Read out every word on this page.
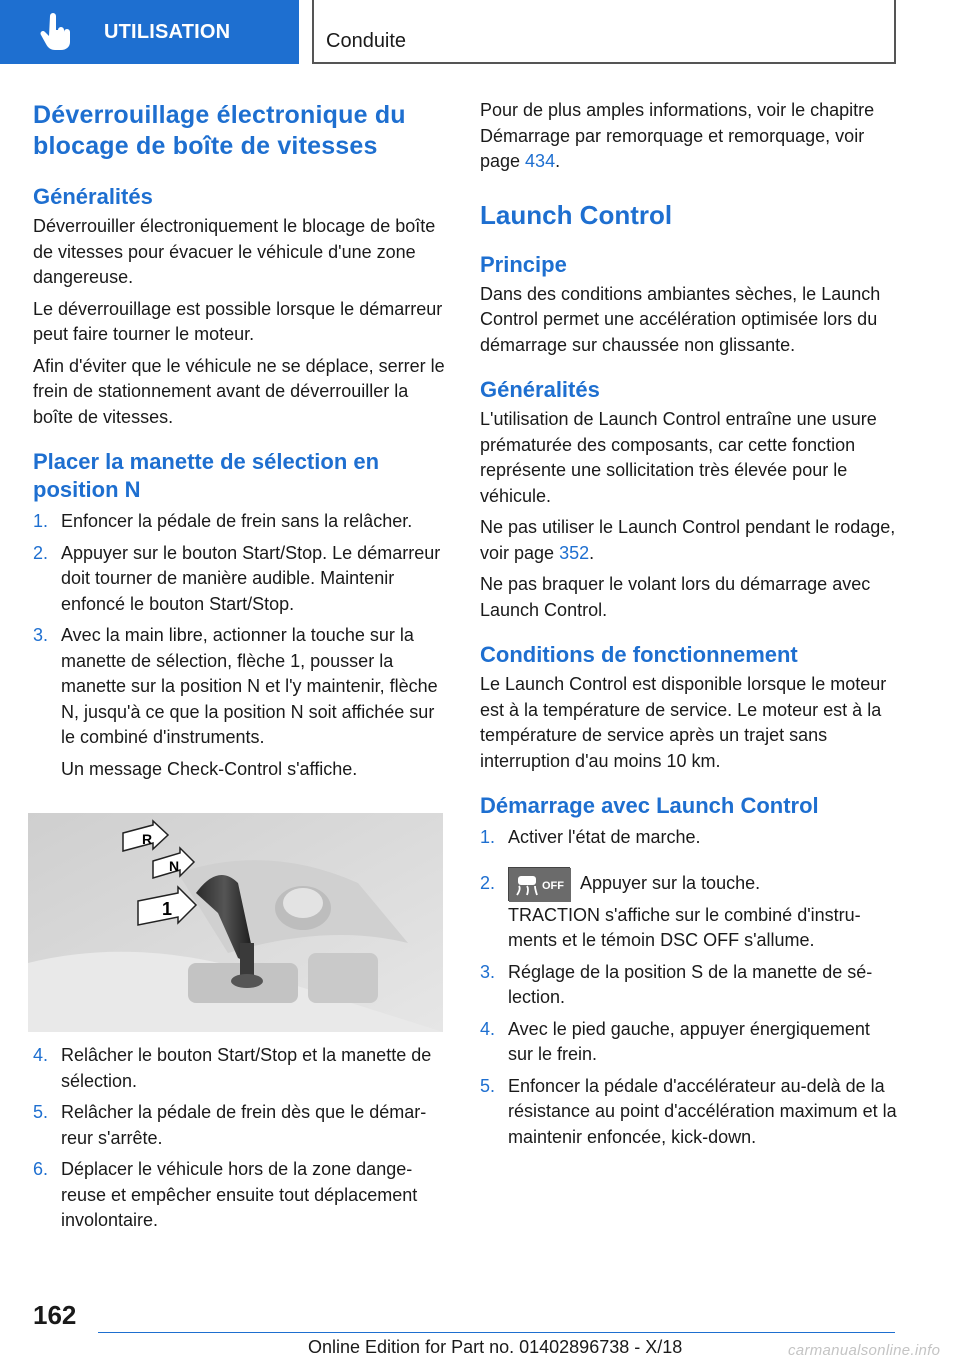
UTILISATION	Conduite
Déverrouillage électronique du blocage de boîte de vitesses
Généralités

Déverrouiller électroniquement le blocage de boîte de vitesses pour évacuer le véhicule d'une zone dangereuse.

Le déverrouillage est possible lorsque le démarreur peut faire tourner le moteur.

Afin d'éviter que le véhicule ne se déplace, serrer le frein de stationnement avant de déverrouiller la boîte de vitesses.

Placer la manette de sélection en position N
1. Enfoncer la pédale de frein sans la relâcher.
2. Appuyer sur le bouton Start/Stop. Le démarreur doit tourner de manière audible. Maintenir enfoncé le bouton Start/Stop.
3. Avec la main libre, actionner la touche sur la manette de sélection, flèche 1, pousser la manette sur la position N et l'y maintenir, flèche N, jusqu'à ce que la position N soit affichée sur le combiné d'instruments.

Un message Check-Control s'affiche.

R
N
1
4. Relâcher le bouton Start/Stop et la manette de sélection.
5. Relâcher la pédale de frein dès que le démarreur s'arrête.
6. Déplacer le véhicule hors de la zone dangereuse et empêcher ensuite tout déplacement involontaire.

Pour de plus amples informations, voir le chapitre Démarrage par remorquage et remorquage, voir page 434.

Launch Control
Principe

Dans des conditions ambiantes sèches, le Launch Control permet une accélération optimisée lors du démarrage sur chaussée non glissante.

Généralités

L'utilisation de Launch Control entraîne une usure prématurée des composants, car cette fonction représente une sollicitation très élevée pour le véhicule.

Ne pas utiliser le Launch Control pendant le rodage, voir page 352.

Ne pas braquer le volant lors du démarrage avec Launch Control.

Conditions de fonctionnement

Le Launch Control est disponible lorsque le moteur est à la température de service. Le moteur est à la température de service après un trajet sans interruption d'au moins 10 km.

Démarrage avec Launch Control
1. Activer l'état de marche.
2.	OFF Appuyer sur la touche.

TRACTION s'affiche sur le combiné d'instruments et le témoin DSC OFF s'allume.

3. Réglage de la position S de la manette de sélection.
4. Avec le pied gauche, appuyer énergiquement sur le frein.
5. Enfoncer la pédale d'accélérateur au-delà de la résistance au point d'accélération maximum et la maintenir enfoncée, kick-down.
162
Online Edition for Part no. 01402896738 - X/18	carmanualsonline.info
